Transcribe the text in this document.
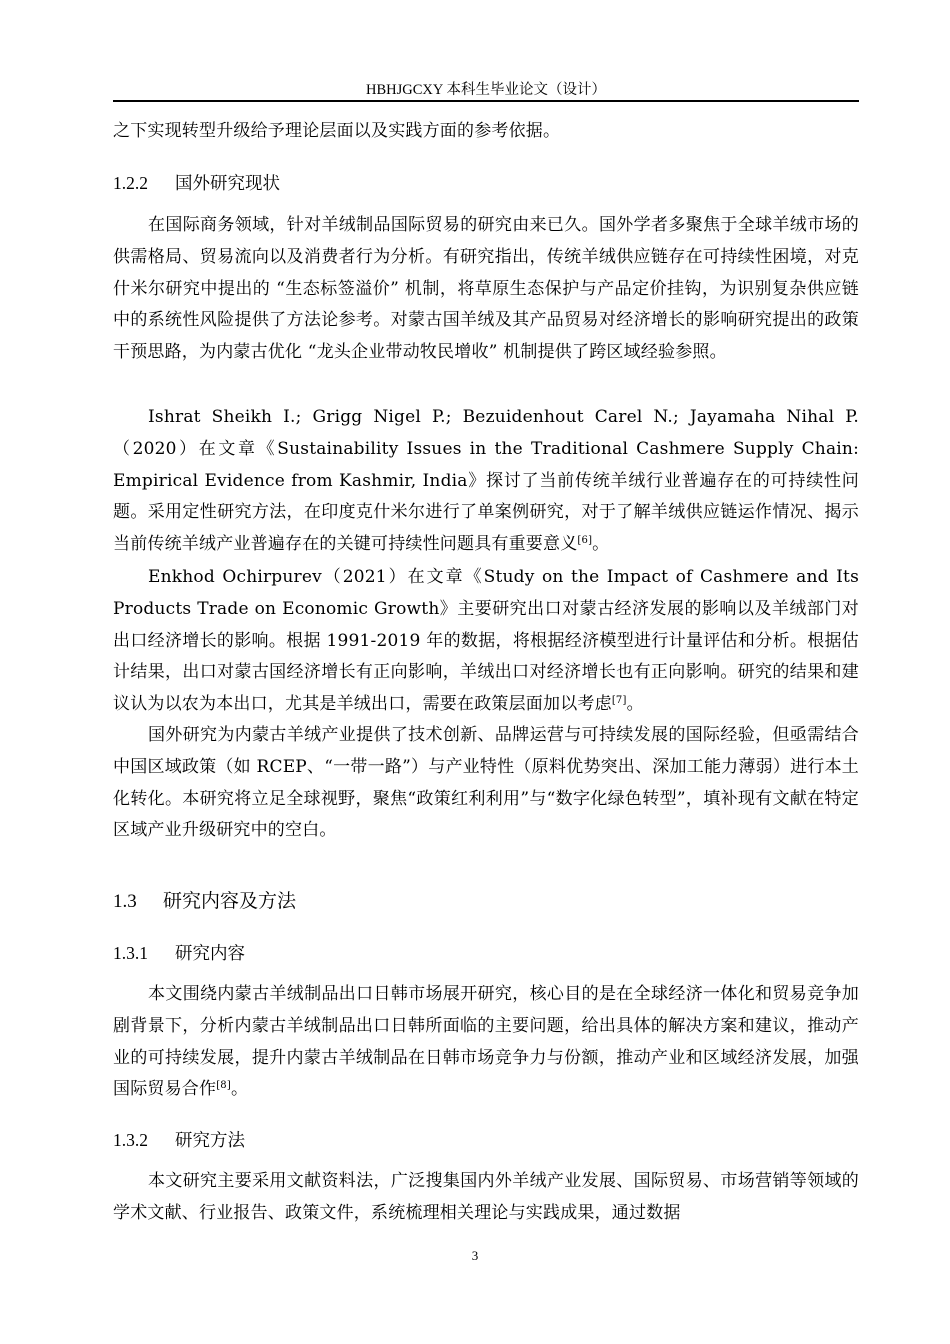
HBHJGCXY 本科生毕业论文（设计）
之下实现转型升级给予理论层面以及实践方面的参考依据。
1.2.2 国外研究现状
在国际商务领域，针对羊绒制品国际贸易的研究由来已久。国外学者多聚焦于全球羊绒市场的供需格局、贸易流向以及消费者行为分析。有研究指出，传统羊绒供应链存在可持续性困境，对克什米尔研究中提出的 “生态标签溢价” 机制，将草原生态保护与产品定价挂钩，为识别复杂供应链中的系统性风险提供了方法论参考。对蒙古国羊绒及其产品贸易对经济增长的影响研究提出的政策干预思路，为内蒙古优化 “龙头企业带动牧民增收” 机制提供了跨区域经验参照。
Ishrat Sheikh I.; Grigg Nigel P.; Bezuidenhout Carel N.; Jayamaha Nihal P.（2020）在文章《Sustainability Issues in the Traditional Cashmere Supply Chain: Empirical Evidence from Kashmir, India》探讨了当前传统羊绒行业普遍存在的可持续性问题。采用定性研究方法，在印度克什米尔进行了单案例研究，对于了解羊绒供应链运作情况、揭示当前传统羊绒产业普遍存在的关键可持续性问题具有重要意义[6]。
Enkhod Ochirpurev（2021）在文章《Study on the Impact of Cashmere and Its Products Trade on Economic Growth》主要研究出口对蒙古经济发展的影响以及羊绒部门对出口经济增长的影响。根据 1991-2019 年的数据，将根据经济模型进行计量评估和分析。根据估计结果，出口对蒙古国经济增长有正向影响，羊绒出口对经济增长也有正向影响。研究的结果和建议认为以农为本出口，尤其是羊绒出口，需要在政策层面加以考虑[7]。
国外研究为内蒙古羊绒产业提供了技术创新、品牌运营与可持续发展的国际经验，但亟需结合中国区域政策（如 RCEP、“一带一路”）与产业特性（原料优势突出、深加工能力薄弱）进行本土化转化。本研究将立足全球视野，聚焦“政策红利利用”与“数字化绿色转型”，填补现有文献在特定区域产业升级研究中的空白。
1.3 研究内容及方法
1.3.1 研究内容
本文围绕内蒙古羊绒制品出口日韩市场展开研究，核心目的是在全球经济一体化和贸易竞争加剧背景下，分析内蒙古羊绒制品出口日韩所面临的主要问题，给出具体的解决方案和建议，推动产业的可持续发展，提升内蒙古羊绒制品在日韩市场竞争力与份额，推动产业和区域经济发展，加强国际贸易合作[8]。
1.3.2 研究方法
本文研究主要采用文献资料法，广泛搜集国内外羊绒产业发展、国际贸易、市场营销等领域的学术文献、行业报告、政策文件，系统梳理相关理论与实践成果，通过数据
3
